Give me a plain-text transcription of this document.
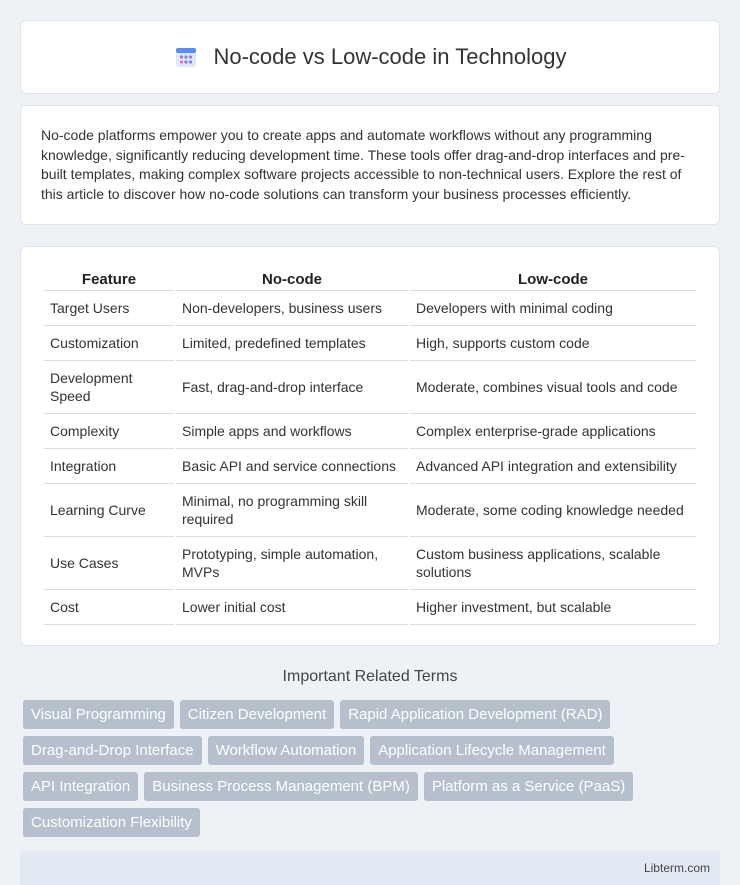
No-code vs Low-code in Technology

No-code platforms empower you to create apps and automate workflows without any programming knowledge, significantly reducing development time. These tools offer drag-and-drop interfaces and pre-built templates, making complex software projects accessible to non-technical users. Explore the rest of this article to discover how no-code solutions can transform your business processes efficiently.

Feature	No-code	Low-code
Target Users	Non-developers, business users	Developers with minimal coding
Customization	Limited, predefined templates	High, supports custom code
Development Speed	Fast, drag-and-drop interface	Moderate, combines visual tools and code
Complexity	Simple apps and workflows	Complex enterprise-grade applications
Integration	Basic API and service connections	Advanced API integration and extensibility
Learning Curve	Minimal, no programming skill required	Moderate, some coding knowledge needed
Use Cases	Prototyping, simple automation, MVPs	Custom business applications, scalable solutions
Cost	Lower initial cost	Higher investment, but scalable
Important Related Terms
Visual Programming	Citizen Development	Rapid Application Development (RAD)
Drag-and-Drop Interface	Workflow Automation	Application Lifecycle Management
API Integration	Business Process Management (BPM)	Platform as a Service (PaaS)
Customization Flexibility
Libterm.com
